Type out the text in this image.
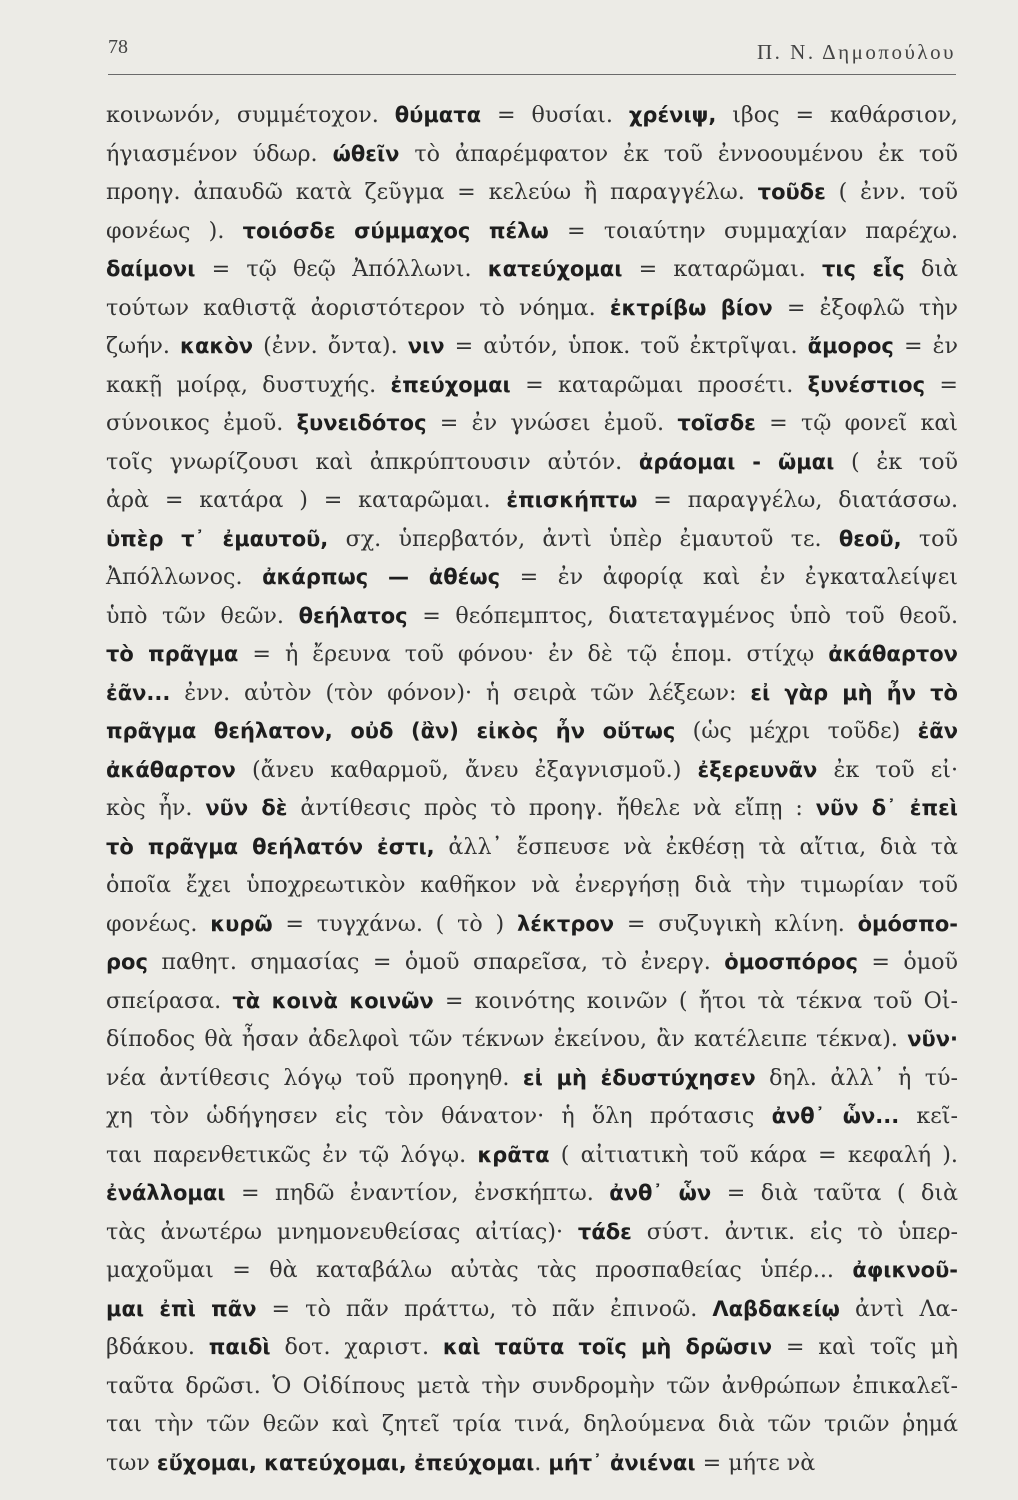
78	Π. Ν. Δημοπούλου
κοινωνόν, συμμέτοχον. θύματα = θυσίαι. χρένιψ, ιβος = καθάρσιον,
ήγιασμένον ύδωρ. ώθεῖν τὸ ἀπαρέμφατον ἐκ τοῦ ἐννοουμένου ἐκ τοῦ
προηγ. ἀπαυδῶ κατὰ ζεῦγμα = κελεύω ἢ παραγγέλω. τοῦδε ( ἐνν. τοῦ
φονέως ). τοιόσδε σύμμαχος πέλω = τοιαύτην συμμαχίαν παρέχω.
δαίμονι = τῷ θεῷ Ἀπόλλωνι. κατεύχομαι = καταρῶμαι. τις εἷς διὰ
τούτων καθιστᾷ ἀοριστότερον τὸ νόημα. ἐκτρίβω βίον = ἐξοφλῶ τὴν
ζωήν. κακὸν (ἐνν. ὄντα). νιν = αὐτόν, ὑποκ. τοῦ ἐκτρῖψαι. ἄμορος = ἐν
κακῇ μοίρᾳ, δυστυχής. ἐπεύχομαι = καταρῶμαι προσέτι. ξυνέστιος =
σύνοικος ἐμοῦ. ξυνειδότος = ἐν γνώσει ἐμοῦ. τοῖσδε = τῷ φονεῖ καὶ
τοῖς γνωρίζουσι καὶ ἀπκρύπτουσιν αὐτόν. ἀράομαι - ῶμαι ( ἐκ τοῦ
ἀρὰ = κατάρα ) = καταρῶμαι. ἐπισκήπτω = παραγγέλω, διατάσσω.
ὑπὲρ τ᾽ ἐμαυτοῦ, σχ. ὑπερβατόν, ἀντὶ ὑπὲρ ἐμαυτοῦ τε. θεοῦ, τοῦ
Ἀπόλλωνος. ἀκάρπως — ἀθέως = ἐν ἀφορίᾳ καὶ ἐν ἐγκαταλείψει
ὑπὸ τῶν θεῶν. θεήλατος = θεόπεμπτος, διατεταγμένος ὑπὸ τοῦ θεοῦ.
τὸ πρᾶγμα = ἡ ἔρευνα τοῦ φόνου· ἐν δὲ τῷ ἑπομ. στίχῳ ἀκάθαρτον
ἐᾶν... ἐνν. αὐτὸν (τὸν φόνον)· ἡ σειρὰ τῶν λέξεων: εἰ γὰρ μὴ ἦν τὸ
πρᾶγμα θεήλατον, οὐδ (ἂν) εἰκὸς ἦν οὕτως (ὡς μέχρι τοῦδε) ἐᾶν
ἀκάθαρτον (ἄνευ καθαρμοῦ, ἄνευ ἐξαγνισμοῦ.) ἐξερευνᾶν ἐκ τοῦ εἰ·
κὸς ἦν. νῦν δὲ ἀντίθεσις πρὸς τὸ προηγ. ἤθελε νὰ εἴπῃ : νῦν δ᾽ ἐπεὶ
τὸ πρᾶγμα θεήλατόν ἐστι, ἀλλ᾽ ἔσπευσε νὰ ἐκθέσῃ τὰ αἴτια, διὰ τὰ
ὁποῖα ἔχει ὑποχρεωτικὸν καθῆκον νὰ ἐνεργήσῃ διὰ τὴν τιμωρίαν τοῦ
φονέως. κυρῶ = τυγχάνω. ( τὸ ) λέκτρον = συζυγικὴ κλίνη. ὁμόσπο-
ρος παθητ. σημασίας = ὁμοῦ σπαρεῖσα, τὸ ἐνεργ. ὁμοσπόρος = ὁμοῦ
σπείρασα. τὰ κοινὰ κοινῶν = κοινότης κοινῶν ( ἤτοι τὰ τέκνα τοῦ Οἰ-
δίποδος θὰ ἦσαν ἀδελφοὶ τῶν τέκνων ἐκείνου, ἂν κατέλειπε τέκνα). νῦν·
νέα ἀντίθεσις λόγῳ τοῦ προηγηθ. εἰ μὴ ἐδυστύχησεν δηλ. ἀλλ᾽ ἡ τύ-
χη τὸν ὡδήγησεν εἰς τὸν θάνατον· ἡ ὅλη πρότασις ἀνθ᾽ ὧν... κεῖ-
ται παρενθετικῶς ἐν τῷ λόγῳ. κρᾶτα ( αἰτιατικὴ τοῦ κάρα = κεφαλή ).
ἐνάλλομαι = πηδῶ ἐναντίον, ἐνσκήπτω. ἀνθ᾽ ὧν = διὰ ταῦτα ( διὰ
τὰς ἀνωτέρω μνημονευθείσας αἰτίας)· τάδε σύστ. ἀντικ. εἰς τὸ ὑπερ-
μαχοῦμαι = θὰ καταβάλω αὐτὰς τὰς προσπαθείας ὑπέρ... ἀφικνοῦ-
μαι ἐπὶ πᾶν = τὸ πᾶν πράττω, τὸ πᾶν ἐπινοῶ. Λαβδακείῳ ἀντὶ Λα-
βδάκου. παιδὶ δοτ. χαριστ. καὶ ταῦτα τοῖς μὴ δρῶσιν = καὶ τοῖς μὴ
ταῦτα δρῶσι. Ὁ Οἰδίπους μετὰ τὴν συνδρομὴν τῶν ἀνθρώπων ἐπικαλεῖ-
ται τὴν τῶν θεῶν καὶ ζητεῖ τρία τινά, δηλούμενα διὰ τῶν τριῶν ῥημά
των εὔχομαι, κατεύχομαι, ἐπεύχομαι. μήτ᾽ ἀνιέναι = μήτε νὰ
